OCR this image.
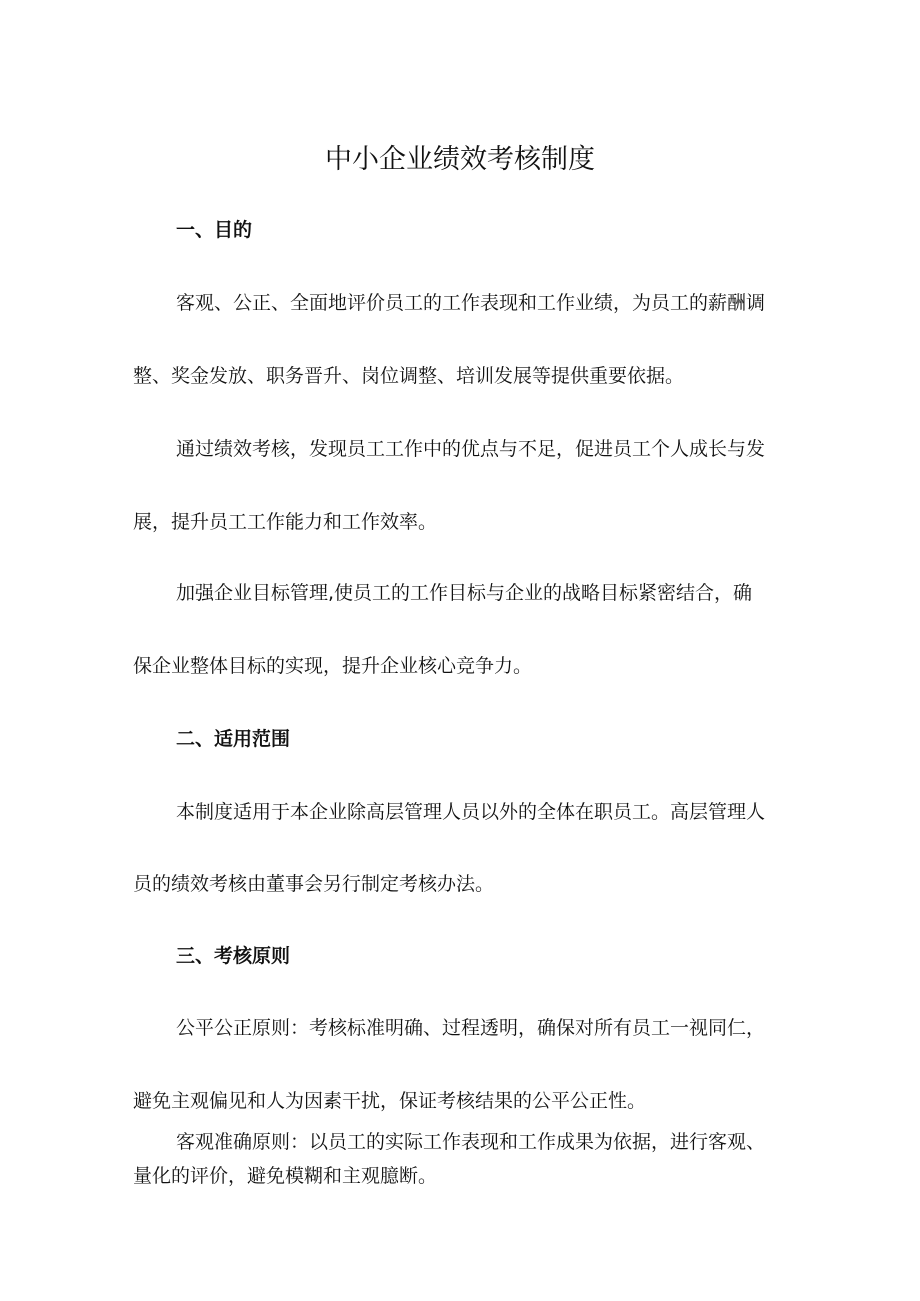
中小企业绩效考核制度
一、目的

客观、公正、全面地评价员工的工作表现和工作业绩，为员工的薪酬调

整、奖金发放、职务晋升、岗位调整、培训发展等提供重要依据。

通过绩效考核，发现员工工作中的优点与不足，促进员工个人成长与发

展，提升员工工作能力和工作效率。

加强企业目标管理,使员工的工作目标与企业的战略目标紧密结合，确

保企业整体目标的实现，提升企业核心竞争力。

二、适用范围

本制度适用于本企业除高层管理人员以外的全体在职员工。高层管理人

员的绩效考核由董事会另行制定考核办法。

三、考核原则

公平公正原则：考核标准明确、过程透明，确保对所有员工一视同仁，

避免主观偏见和人为因素干扰，保证考核结果的公平公正性。

客观准确原则：以员工的实际工作表现和工作成果为依据，进行客观、

量化的评价，避免模糊和主观臆断。
